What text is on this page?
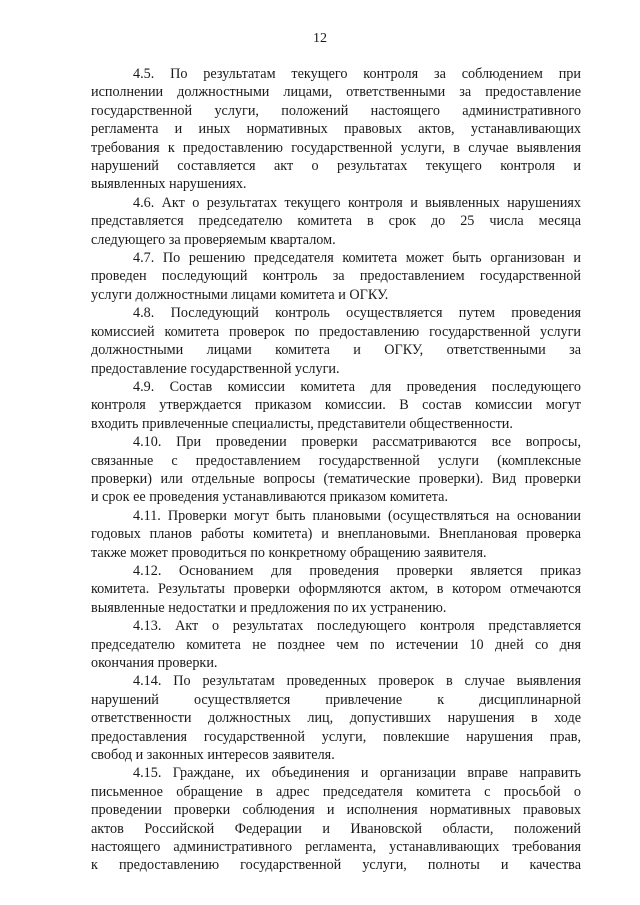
12

4.5. По результатам текущего контроля за соблюдением при
исполнении должностными лицами, ответственными за предоставление
государственной услуги, положений настоящего административного
регламента и иных нормативных правовых актов, устанавливающих
требования к предоставлению государственной услуги, в случае выявления
нарушений составляется акт о результатах текущего контроля и
выявленных нарушениях.

4.6. Акт о результатах текущего контроля и выявленных нарушениях
представляется председателю комитета в срок до 25 числа месяца
следующего за проверяемым кварталом.

4.7. По решению председателя комитета может быть организован и
проведен последующий контроль за предоставлением государственной
услуги должностными лицами комитета и ОГКУ.

4.8. Последующий контроль осуществляется путем проведения
комиссией комитета проверок по предоставлению государственной услуги
должностными лицами комитета и ОГКУ, ответственными за
предоставление государственной услуги.

4.9. Состав комиссии комитета для проведения последующего
контроля утверждается приказом комиссии. В состав комиссии могут
входить привлеченные специалисты, представители общественности.

4.10. При проведении проверки рассматриваются все вопросы,
связанные с предоставлением государственной услуги (комплексные
проверки) или отдельные вопросы (тематические проверки). Вид проверки
и срок ее проведения устанавливаются приказом комитета.

4.11. Проверки могут быть плановыми (осуществляться на основании
годовых планов работы комитета) и внеплановыми. Внеплановая проверка
также может проводиться по конкретному обращению заявителя.

4.12. Основанием для проведения проверки является приказ
комитета. Результаты проверки оформляются актом, в котором отмечаются
выявленные недостатки и предложения по их устранению.

4.13. Акт о результатах последующего контроля представляется
председателю комитета не позднее чем по истечении 10 дней со дня
окончания проверки.

4.14. По результатам проведенных проверок в случае выявления
нарушений осуществляется привлечение к дисциплинарной
ответственности должностных лиц, допустивших нарушения в ходе
предоставления государственной услуги, повлекшие нарушения прав,
свобод и законных интересов заявителя.

4.15. Граждане, их объединения и организации вправе направить
письменное обращение в адрес председателя комитета с просьбой о
проведении проверки соблюдения и исполнения нормативных правовых
актов Российской Федерации и Ивановской области, положений
настоящего административного регламента, устанавливающих требования
к предоставлению государственной услуги, полноты и качества
